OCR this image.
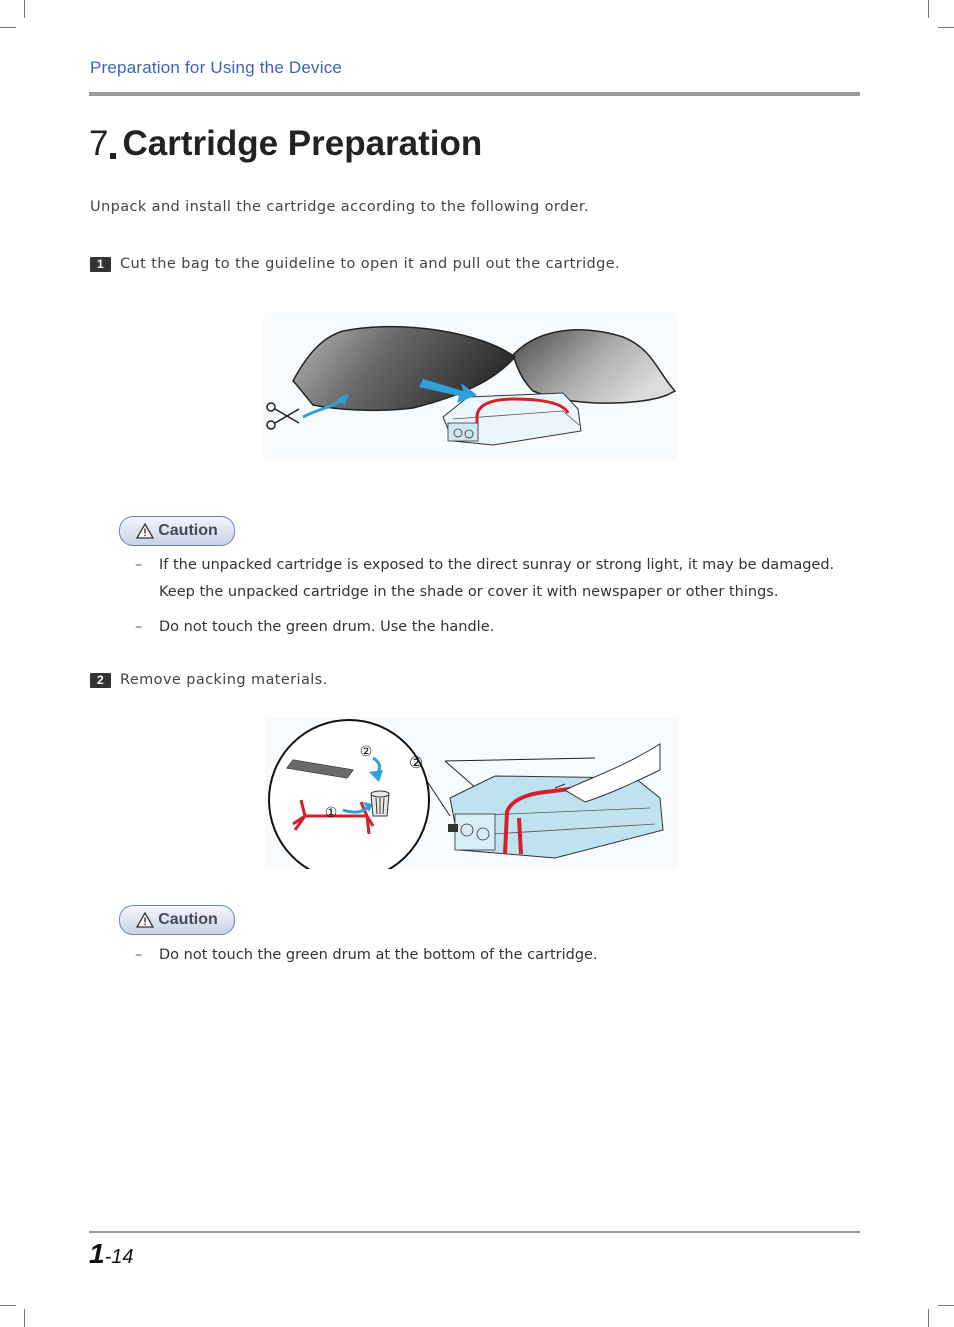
Preparation for Using the Device
7 Cartridge Preparation
Unpack and install the cartridge according to the following order.
1	Cut the bag to the guideline to open it and pull out the cartridge.
Caution
– If the unpacked cartridge is exposed to the direct sunray or strong light, it may be damaged. Keep the unpacked cartridge in the shade or cover it with newspaper or other things.
– Do not touch the green drum. Use the handle.
2	Remove packing materials.
②
①
②
Caution
– Do not touch the green drum at the bottom of the cartridge.
1-14
